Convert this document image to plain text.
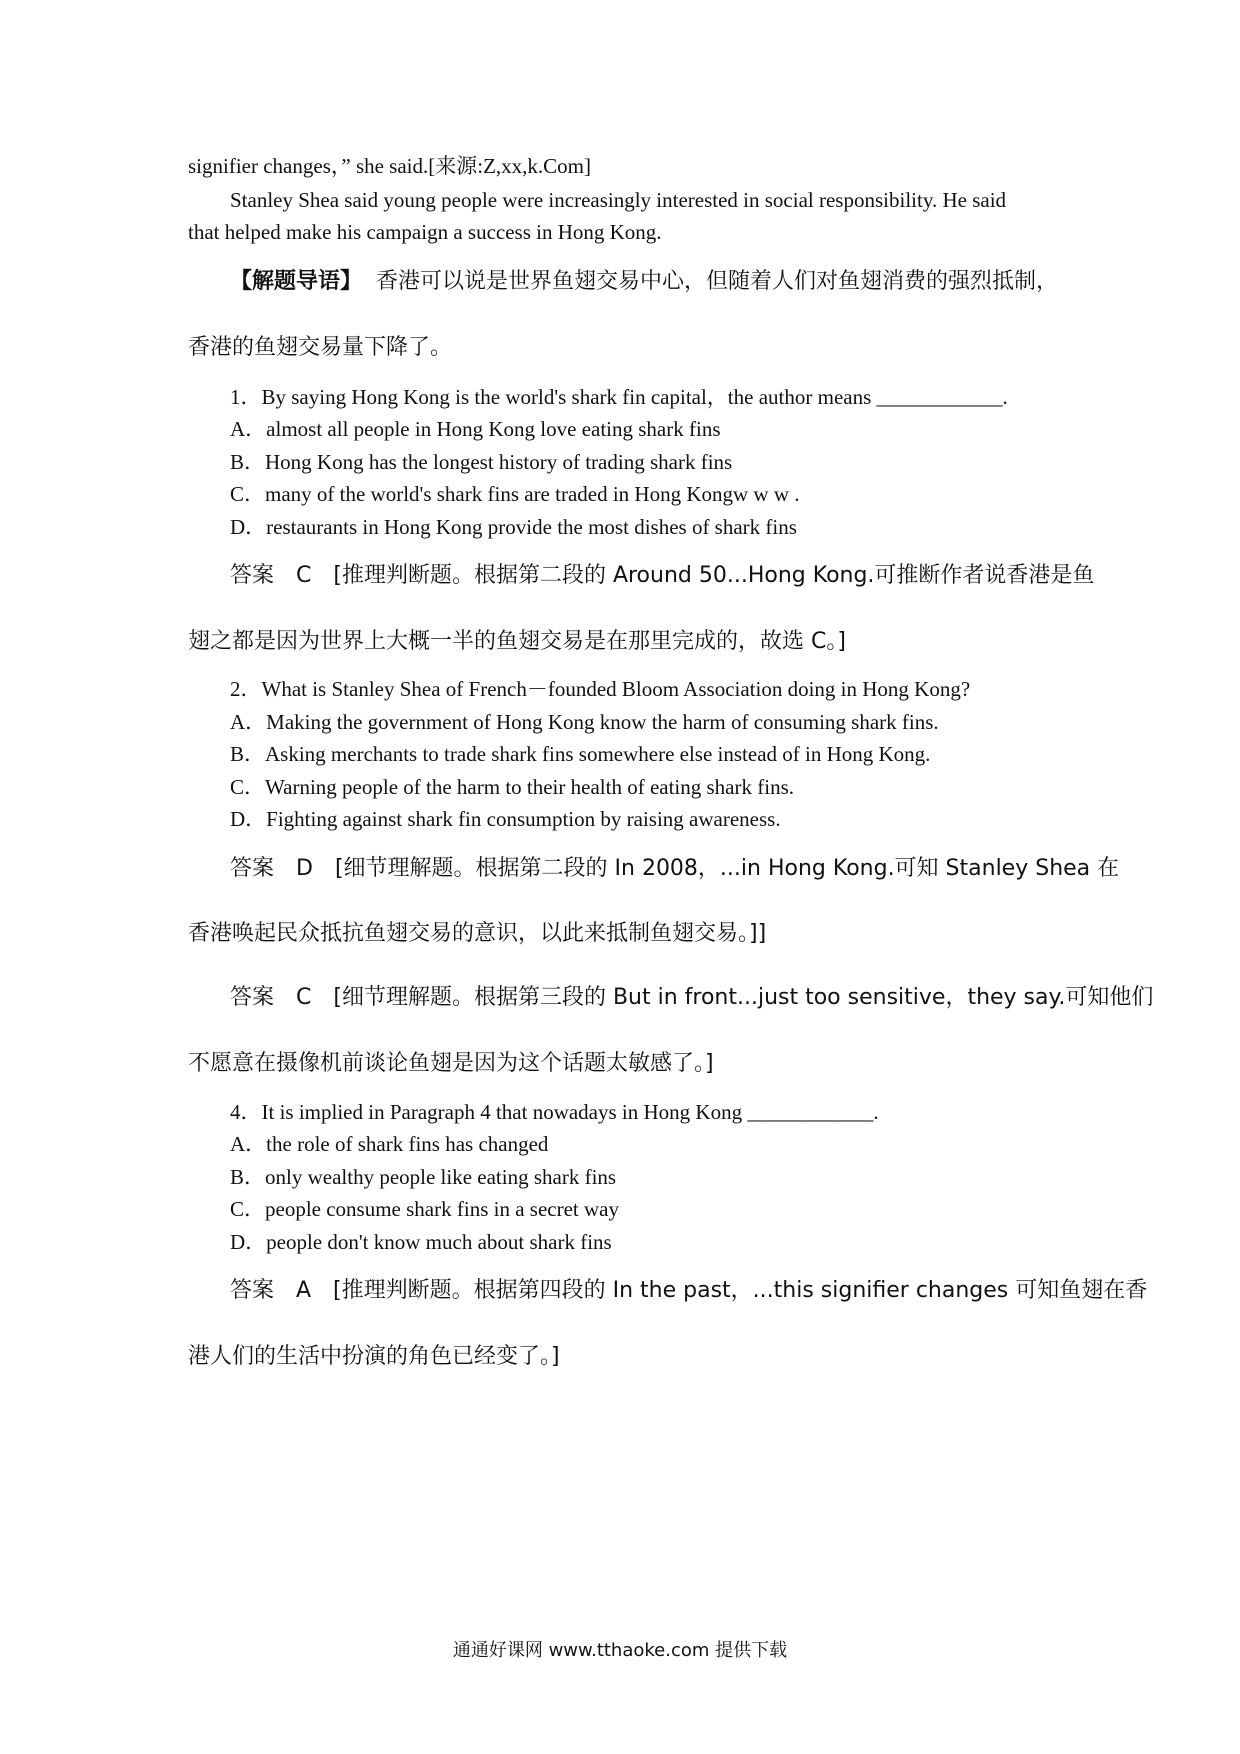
signifier changes，” she said.[来源:Z,xx,k.Com]
Stanley Shea said young people were increasingly interested in social responsibility. He said
that helped make his campaign a success in Hong Kong.
【解题导语】 香港可以说是世界鱼翅交易中心，但随着人们对鱼翅消费的强烈抵制，
香港的鱼翅交易量下降了。
1．By saying Hong Kong is the world's shark fin capital，the author means ____________.
A．almost all people in Hong Kong love eating shark fins
B．Hong Kong has the longest history of trading shark fins
C．many of the world's shark fins are traded in Hong Kongw w w .
D．restaurants in Hong Kong provide the most dishes of shark fins
答案　C　[推理判断题。根据第二段的 Around 50...Hong Kong.可推断作者说香港是鱼
翅之都是因为世界上大概一半的鱼翅交易是在那里完成的，故选 C。]
2．What is Stanley Shea of French－founded Bloom Association doing in Hong Kong?
A．Making the government of Hong Kong know the harm of consuming shark fins.
B．Asking merchants to trade shark fins somewhere else instead of in Hong Kong.
C．Warning people of the harm to their health of eating shark fins.
D．Fighting against shark fin consumption by raising awareness.
答案　D　[细节理解题。根据第二段的 In 2008，...in Hong Kong.可知 Stanley Shea 在
香港唤起民众抵抗鱼翅交易的意识，以此来抵制鱼翅交易。]]
答案　C　[细节理解题。根据第三段的 But in front...just too sensitive，they say.可知他们
不愿意在摄像机前谈论鱼翅是因为这个话题太敏感了。]
4．It is implied in Paragraph 4 that nowadays in Hong Kong ____________.
A．the role of shark fins has changed
B．only wealthy people like eating shark fins
C．people consume shark fins in a secret way
D．people don't know much about shark fins
答案　A　[推理判断题。根据第四段的 In the past，...this signifier changes 可知鱼翅在香
港人们的生活中扮演的角色已经变了。]
通通好课网 www.tthaoke.com 提供下载
